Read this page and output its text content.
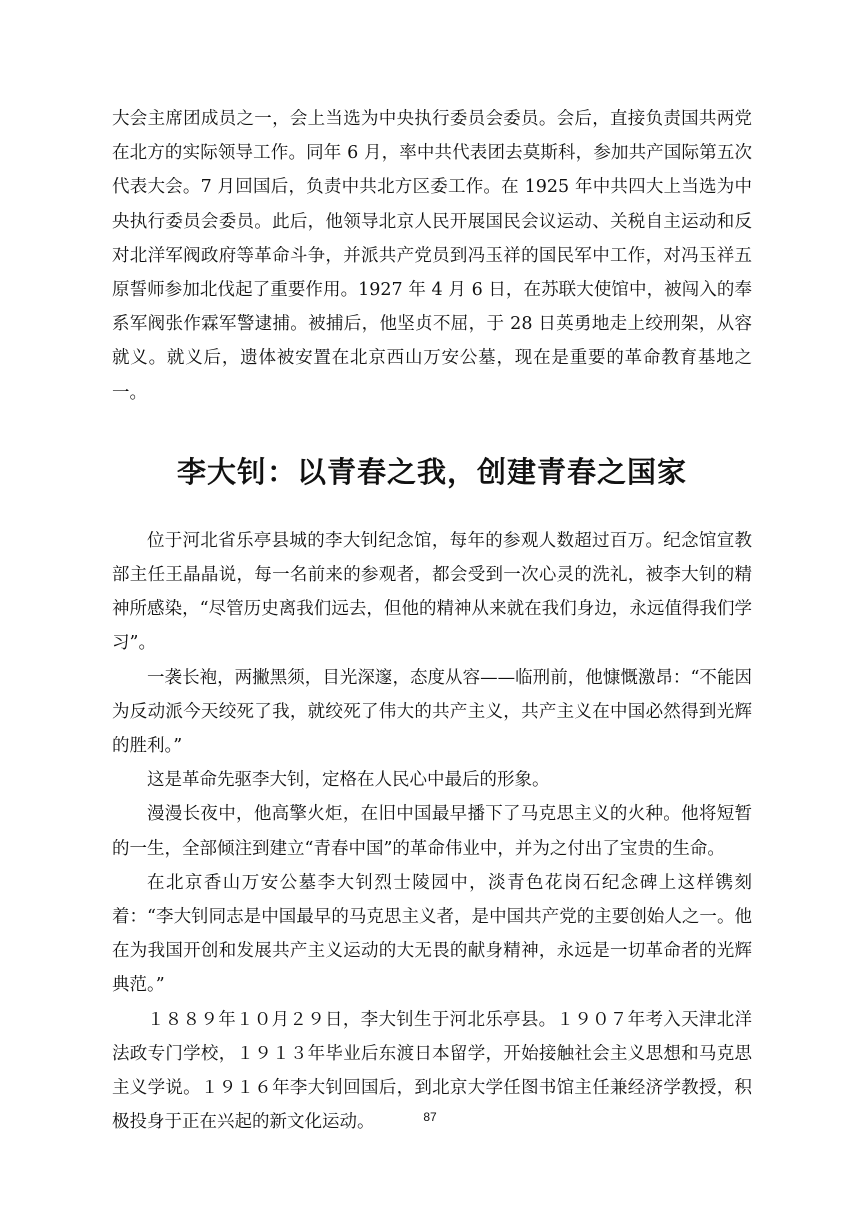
大会主席团成员之一，会上当选为中央执行委员会委员。会后，直接负责国共两党在北方的实际领导工作。同年 6 月，率中共代表团去莫斯科，参加共产国际第五次代表大会。7 月回国后，负责中共北方区委工作。在 1925 年中共四大上当选为中央执行委员会委员。此后，他领导北京人民开展国民会议运动、关税自主运动和反对北洋军阀政府等革命斗争，并派共产党员到冯玉祥的国民军中工作，对冯玉祥五原誓师参加北伐起了重要作用。1927 年 4 月 6 日，在苏联大使馆中，被闯入的奉系军阀张作霖军警逮捕。被捕后，他坚贞不屈，于 28 日英勇地走上绞刑架，从容就义。就义后，遗体被安置在北京西山万安公墓，现在是重要的革命教育基地之一。

李大钊：以青春之我，创建青春之国家

位于河北省乐亭县城的李大钊纪念馆，每年的参观人数超过百万。纪念馆宣教部主任王晶晶说，每一名前来的参观者，都会受到一次心灵的洗礼，被李大钊的精神所感染，“尽管历史离我们远去，但他的精神从来就在我们身边，永远值得我们学习”。

一袭长袍，两撇黑须，目光深邃，态度从容——临刑前，他慷慨激昂：“不能因为反动派今天绞死了我，就绞死了伟大的共产主义，共产主义在中国必然得到光辉的胜利。”

这是革命先驱李大钊，定格在人民心中最后的形象。

漫漫长夜中，他高擎火炬，在旧中国最早播下了马克思主义的火种。他将短暂的一生，全部倾注到建立“青春中国”的革命伟业中，并为之付出了宝贵的生命。

在北京香山万安公墓李大钊烈士陵园中，淡青色花岗石纪念碑上这样镌刻着：“李大钊同志是中国最早的马克思主义者，是中国共产党的主要创始人之一。他在为我国开创和发展共产主义运动的大无畏的献身精神，永远是一切革命者的光辉典范。”

１８８９年１０月２９日，李大钊生于河北乐亭县。１９０７年考入天津北洋法政专门学校，１９１３年毕业后东渡日本留学，开始接触社会主义思想和马克思主义学说。１９１６年李大钊回国后，到北京大学任图书馆主任兼经济学教授，积极投身于正在兴起的新文化运动。	87
